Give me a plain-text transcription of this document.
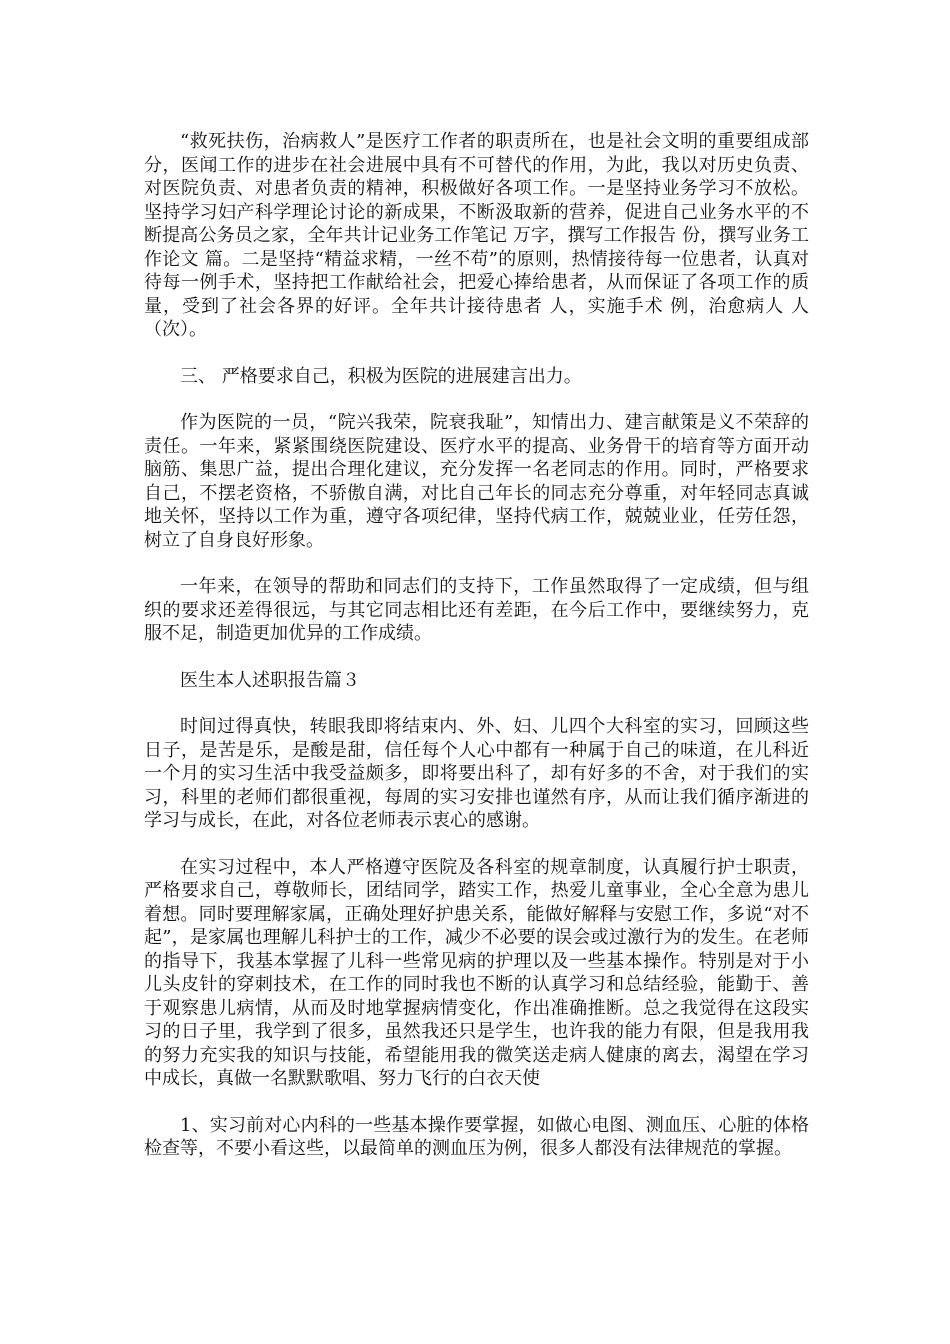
“救死扶伤，治病救人”是医疗工作者的职责所在，也是社会文明的重要组成部分，医闻工作的进步在社会进展中具有不可替代的作用，为此，我以对历史负责、对医院负责、对患者负责的精神，积极做好各项工作。一是坚持业务学习不放松。坚持学习妇产科学理论讨论的新成果，不断汲取新的营养，促进自己业务水平的不断提高公务员之家，全年共计记业务工作笔记 万字，撰写工作报告 份，撰写业务工作论文 篇。二是坚持“精益求精，一丝不苟”的原则，热情接待每一位患者，认真对待每一例手术，坚持把工作献给社会，把爱心捧给患者，从而保证了各项工作的质量，受到了社会各界的好评。全年共计接待患者 人，实施手术 例，治愈病人 人（次）。

三、 严格要求自己，积极为医院的进展建言出力。

作为医院的一员，“院兴我荣，院衰我耻”，知情出力、建言献策是义不荣辞的责任。一年来，紧紧围绕医院建设、医疗水平的提高、业务骨干的培育等方面开动脑筋、集思广益，提出合理化建议，充分发挥一名老同志的作用。同时，严格要求自己，不摆老资格，不骄傲自满，对比自己年长的同志充分尊重，对年轻同志真诚地关怀，坚持以工作为重，遵守各项纪律，坚持代病工作，兢兢业业，任劳任怨，树立了自身良好形象。

一年来，在领导的帮助和同志们的支持下，工作虽然取得了一定成绩，但与组织的要求还差得很远，与其它同志相比还有差距，在今后工作中，要继续努力，克服不足，制造更加优异的工作成绩。

医生本人述职报告篇３

时间过得真快，转眼我即将结束内、外、妇、儿四个大科室的实习，回顾这些日子，是苦是乐，是酸是甜，信任每个人心中都有一种属于自己的味道，在儿科近一个月的实习生活中我受益颇多，即将要出科了，却有好多的不舍，对于我们的实习，科里的老师们都很重视，每周的实习安排也谨然有序，从而让我们循序渐进的学习与成长，在此，对各位老师表示衷心的感谢。

在实习过程中，本人严格遵守医院及各科室的规章制度，认真履行护士职责，严格要求自己，尊敬师长，团结同学，踏实工作，热爱儿童事业，全心全意为患儿着想。同时要理解家属，正确处理好护患关系，能做好解释与安慰工作，多说“对不起”，是家属也理解儿科护士的工作，减少不必要的误会或过激行为的发生。在老师的指导下，我基本掌握了儿科一些常见病的护理以及一些基本操作。特别是对于小儿头皮针的穿刺技术，在工作的同时我也不断的认真学习和总结经验，能勤于、善于观察患儿病情，从而及时地掌握病情变化，作出准确推断。总之我觉得在这段实习的日子里，我学到了很多，虽然我还只是学生，也许我的能力有限，但是我用我的努力充实我的知识与技能，希望能用我的微笑送走病人健康的离去，渴望在学习中成长，真做一名默默歌唱、努力飞行的白衣天使

1、实习前对心内科的一些基本操作要掌握，如做心电图、测血压、心脏的体格检查等，不要小看这些，以最简单的测血压为例，很多人都没有法律规范的掌握。
